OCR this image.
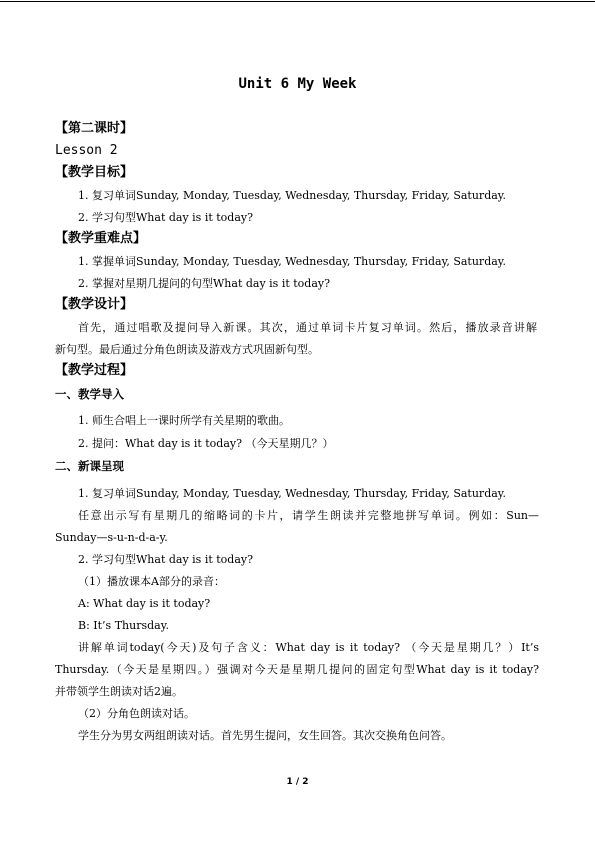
Unit 6 My Week
【第二课时】
Lesson 2
【教学目标】
1. 复习单词Sunday, Monday, Tuesday, Wednesday, Thursday, Friday, Saturday.
2. 学习句型What day is it today?
【教学重难点】
1. 掌握单词Sunday, Monday, Tuesday, Wednesday, Thursday, Friday, Saturday.
2. 掌握对星期几提问的句型What day is it today?
【教学设计】
首先，通过唱歌及提问导入新课。其次，通过单词卡片复习单词。然后，播放录音讲解
新句型。最后通过分角色朗读及游戏方式巩固新句型。
【教学过程】
一、教学导入
1. 师生合唱上一课时所学有关星期的歌曲。
2. 提问：What day is it today? （今天星期几？）
二、新课呈现
1. 复习单词Sunday, Monday, Tuesday, Wednesday, Thursday, Friday, Saturday.
任意出示写有星期几的缩略词的卡片，请学生朗读并完整地拼写单词。例如：Sun—
Sunday—s-u-n-d-a-y.
2. 学习句型What day is it today?
（1）播放课本A部分的录音：
A: What day is it today?
B: It’s Thursday.
讲解单词today(今天)及句子含义：What day is it today? （今天是星期几？）It’s
Thursday.（今天是星期四。）强调对今天是星期几提问的固定句型What day is it today?
并带领学生朗读对话2遍。
（2）分角色朗读对话。
学生分为男女两组朗读对话。首先男生提问，女生回答。其次交换角色问答。
1 / 2
